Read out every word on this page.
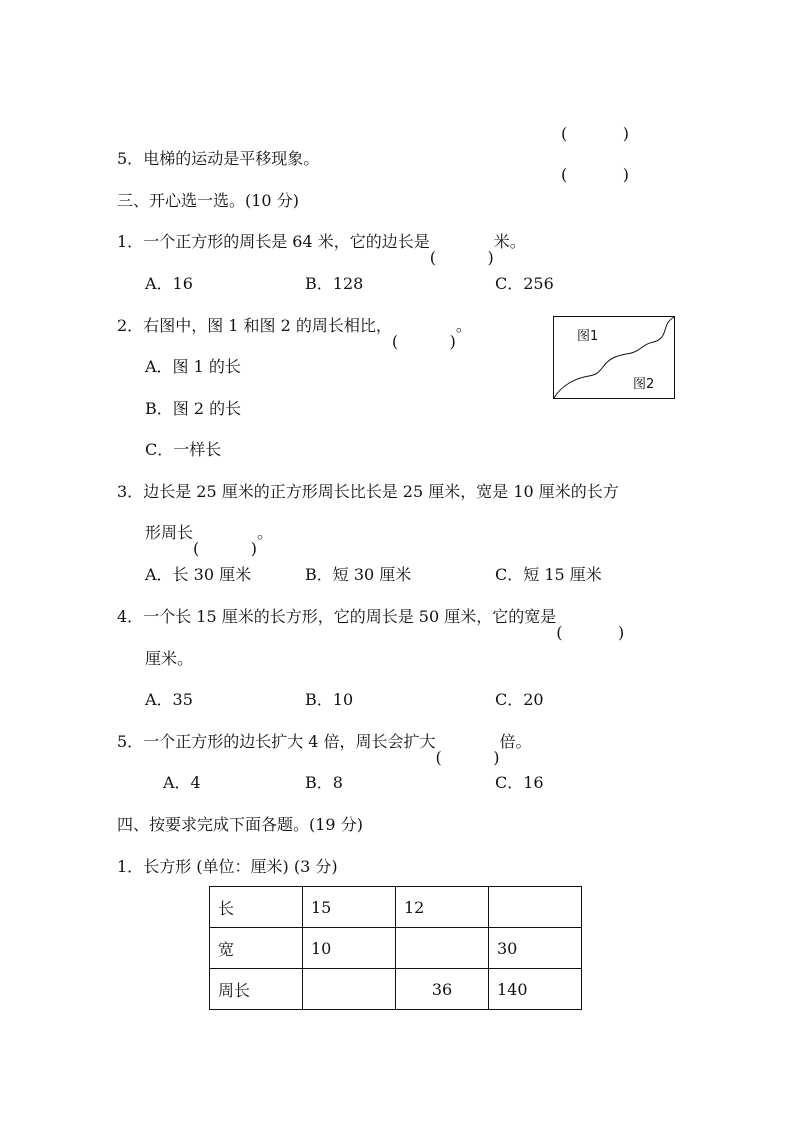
5．电梯的运动是平移现象。
三、开心选一选。(10 分)
1．一个正方形的周长是 64 米，它的边长是	米。
A．16	B．128	C．256
2．右图中，图 1 和图 2 的周长相比，	。
A．图 1 的长
B．图 2 的长
C．一样长
图1
图2
3．边长是 25 厘米的正方形周长比长是 25 厘米，宽是 10 厘米的长方
形周长	。
A．长 30 厘米	B．短 30 厘米	C．短 15 厘米
4．一个长 15 厘米的长方形，它的周长是 50 厘米，它的宽是
厘米。
A．35	B．10	C．20
5．一个正方形的边长扩大 4 倍，周长会扩大	倍。
A．4	B．8	C．16
四、按要求完成下面各题。(19 分)
1．长方形 (单位：厘米) (3 分)
长	15	12	
宽	10		30
周长		36	140
